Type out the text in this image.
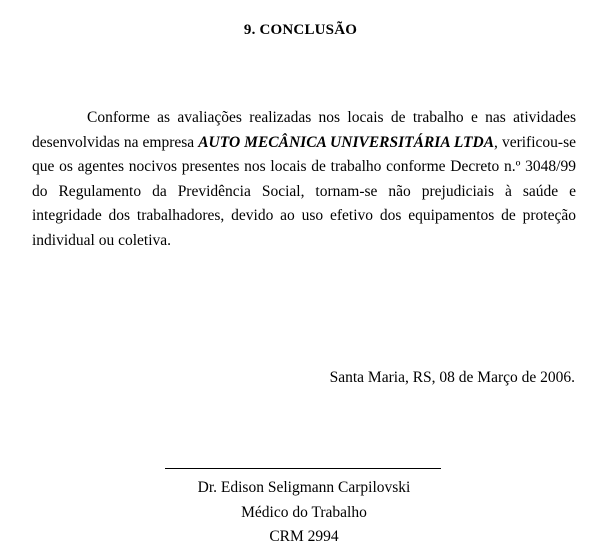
9. CONCLUSÃO

Conforme as avaliações realizadas nos locais de trabalho e nas atividades desenvolvidas na empresa AUTO MECÂNICA UNIVERSITÁRIA LTDA, verificou-se que os agentes nocivos presentes nos locais de trabalho conforme Decreto n.º 3048/99 do Regulamento da Previdência Social, tornam-se não prejudiciais à saúde e integridade dos trabalhadores, devido ao uso efetivo dos equipamentos de proteção individual ou coletiva.

Santa Maria, RS, 08 de Março de 2006.
Dr. Edison Seligmann Carpilovski
Médico do Trabalho
CRM 2994
